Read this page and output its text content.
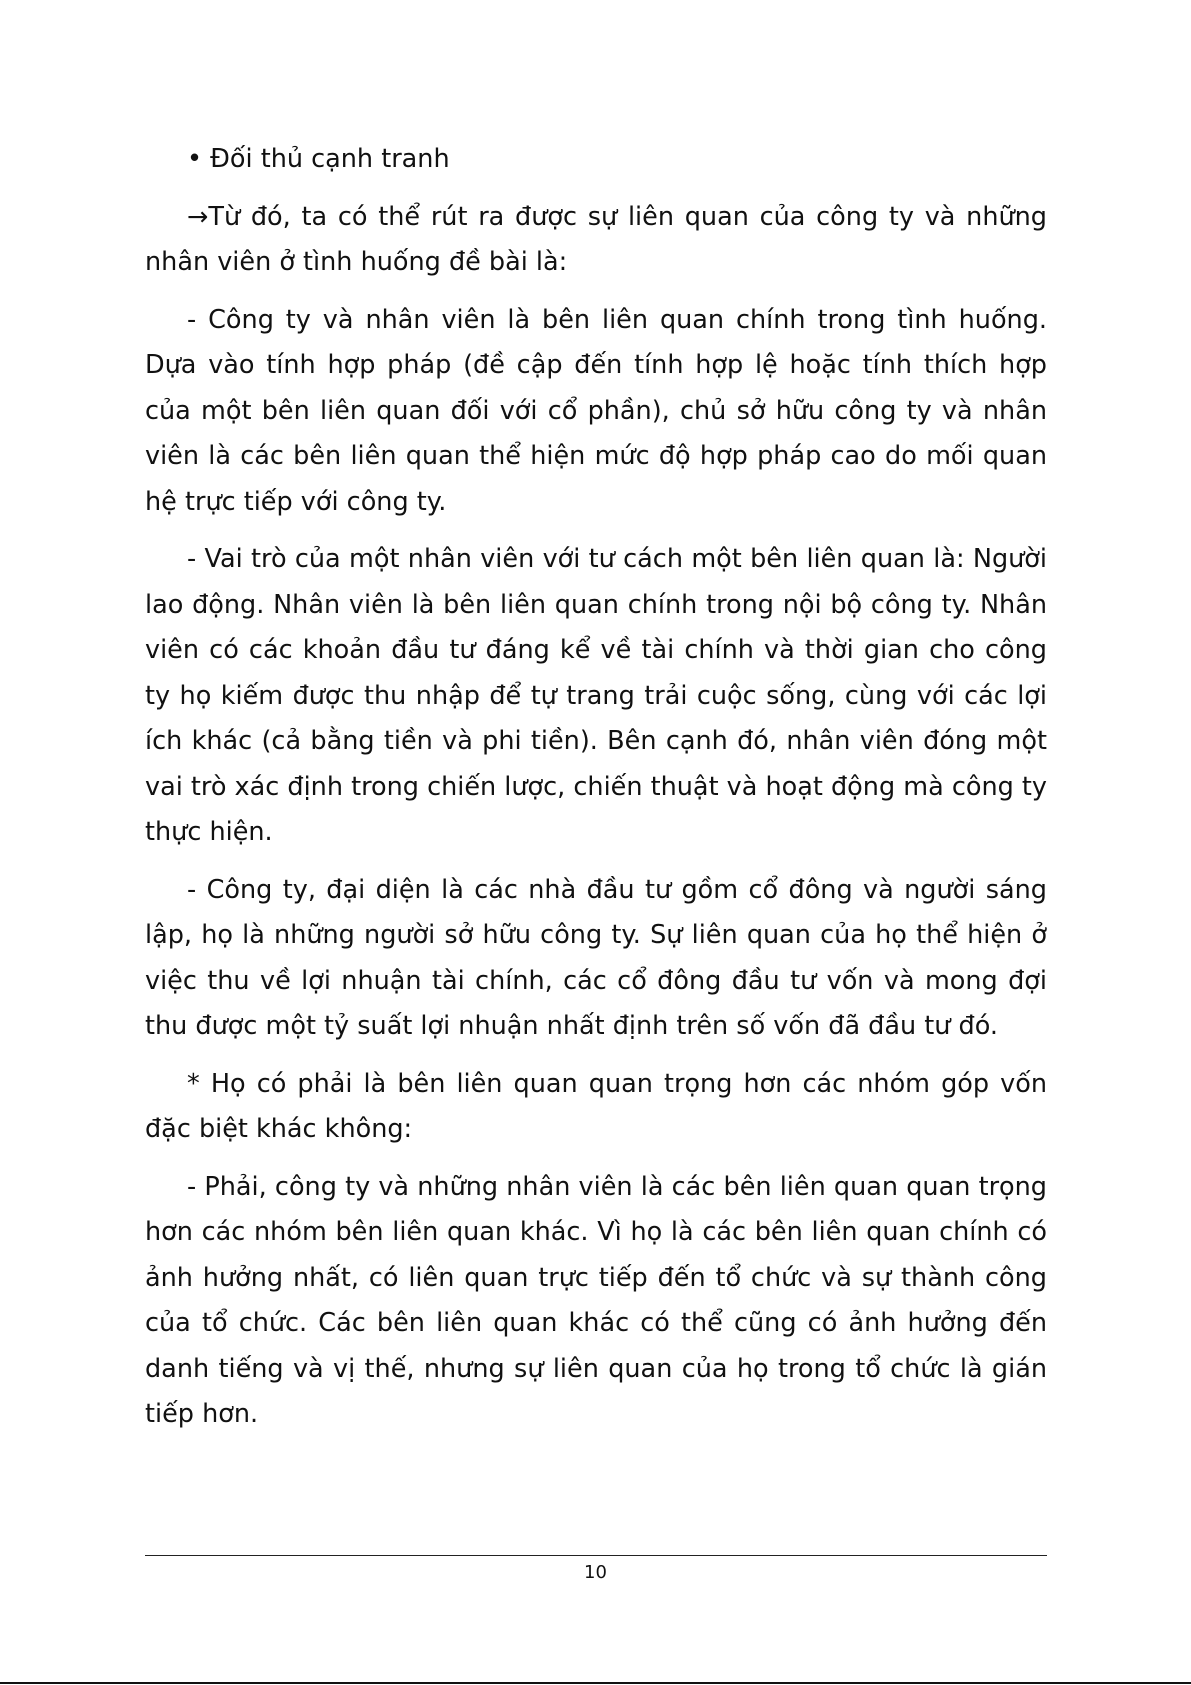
• Đối thủ cạnh tranh

→Từ đó, ta có thể rút ra được sự liên quan của công ty và những nhân viên ở tình huống đề bài là:

- Công ty và nhân viên là bên liên quan chính trong tình huống. Dựa vào tính hợp pháp (đề cập đến tính hợp lệ hoặc tính thích hợp của một bên liên quan đối với cổ phần), chủ sở hữu công ty và nhân viên là các bên liên quan thể hiện mức độ hợp pháp cao do mối quan hệ trực tiếp với công ty.

- Vai trò của một nhân viên với tư cách một bên liên quan là: Người lao động. Nhân viên là bên liên quan chính trong nội bộ công ty. Nhân viên có các khoản đầu tư đáng kể về tài chính và thời gian cho công ty họ kiếm được thu nhập để tự trang trải cuộc sống, cùng với các lợi ích khác (cả bằng tiền và phi tiền). Bên cạnh đó, nhân viên đóng một vai trò xác định trong chiến lược, chiến thuật và hoạt động mà công ty thực hiện.

- Công ty, đại diện là các nhà đầu tư gồm cổ đông và người sáng lập, họ là những người sở hữu công ty. Sự liên quan của họ thể hiện ở việc thu về lợi nhuận tài chính, các cổ đông đầu tư vốn và mong đợi thu được một tỷ suất lợi nhuận nhất định trên số vốn đã đầu tư đó.

* Họ có phải là bên liên quan quan trọng hơn các nhóm góp vốn đặc biệt khác không:

- Phải, công ty và những nhân viên là các bên liên quan quan trọng hơn các nhóm bên liên quan khác. Vì họ là các bên liên quan chính có ảnh hưởng nhất, có liên quan trực tiếp đến tổ chức và sự thành công của tổ chức. Các bên liên quan khác có thể cũng có ảnh hưởng đến danh tiếng và vị thế, nhưng sự liên quan của họ trong tổ chức là gián tiếp hơn.

10
